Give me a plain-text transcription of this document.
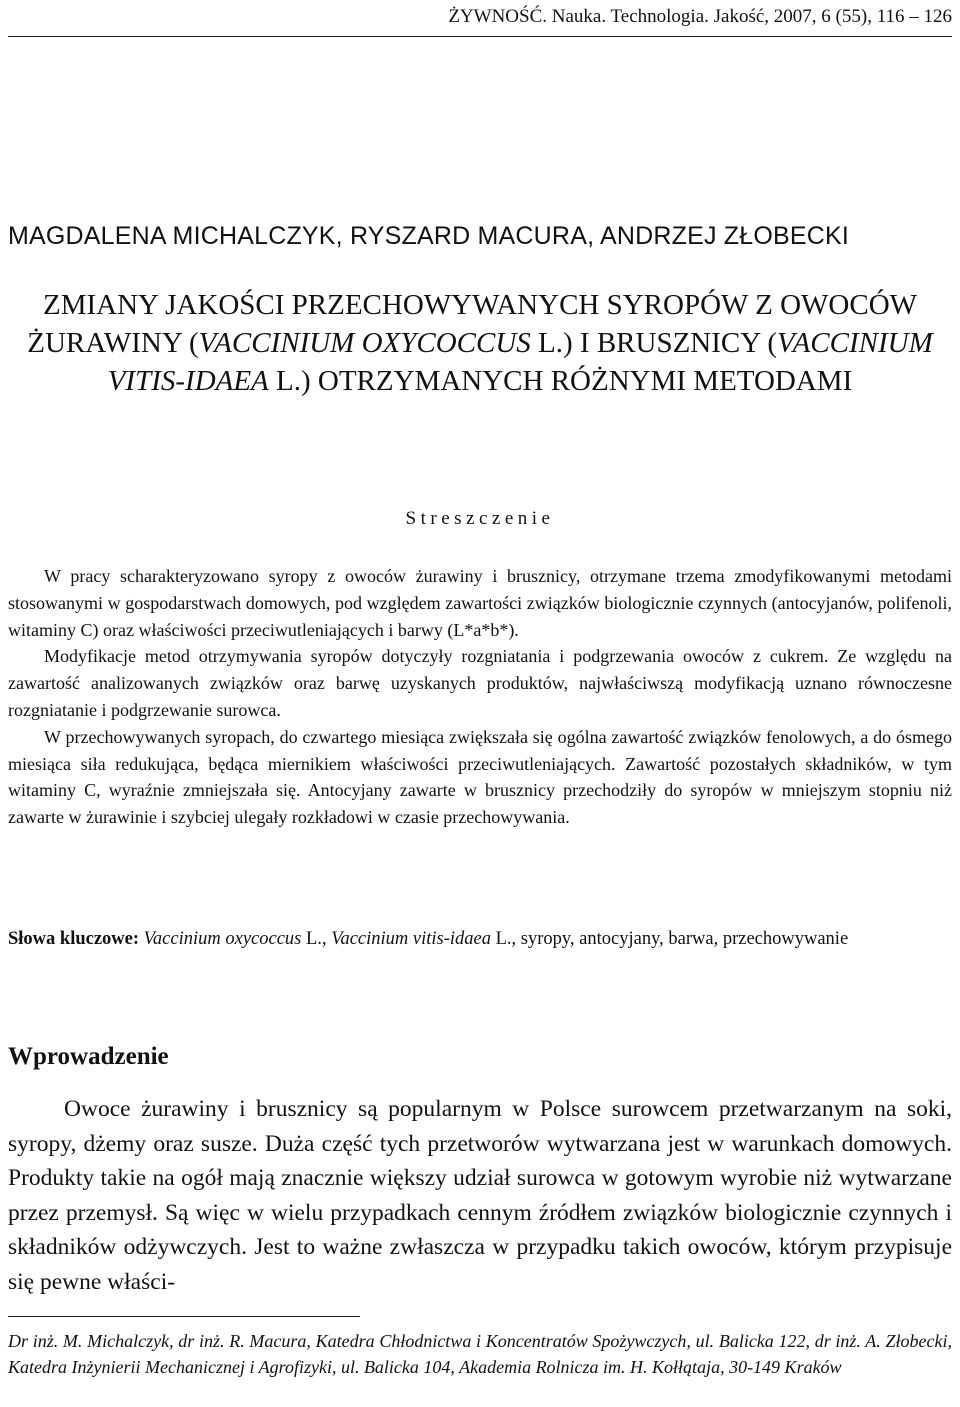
ŻYWNOŚĆ. Nauka. Technologia. Jakość, 2007, 6 (55), 116 – 126
MAGDALENA MICHALCZYK, RYSZARD MACURA, ANDRZEJ ZŁOBECKI
ZMIANY JAKOŚCI PRZECHOWYWANYCH SYROPÓW Z OWOCÓW ŻURAWINY (VACCINIUM OXYCOCCUS L.) I BRUSZNICY (VACCINIUM VITIS-IDAEA L.) OTRZYMANYCH RÓŻNYMI METODAMI
Streszczenie

W pracy scharakteryzowano syropy z owoców żurawiny i brusznicy, otrzymane trzema zmodyfikowanymi metodami stosowanymi w gospodarstwach domowych, pod względem zawartości związków biologicznie czynnych (antocyjanów, polifenoli, witaminy C) oraz właściwości przeciwutleniających i barwy (L*a*b*).

Modyfikacje metod otrzymywania syropów dotyczyły rozgniatania i podgrzewania owoców z cukrem. Ze względu na zawartość analizowanych związków oraz barwę uzyskanych produktów, najwłaściwszą modyfikacją uznano równoczesne rozgniatanie i podgrzewanie surowca.

W przechowywanych syropach, do czwartego miesiąca zwiększała się ogólna zawartość związków fenolowych, a do ósmego miesiąca siła redukująca, będąca miernikiem właściwości przeciwutleniających. Zawartość pozostałych składników, w tym witaminy C, wyraźnie zmniejszała się. Antocyjany zawarte w brusznicy przechodziły do syropów w mniejszym stopniu niż zawarte w żurawinie i szybciej ulegały rozkładowi w czasie przechowywania.

Słowa kluczowe: Vaccinium oxycoccus L., Vaccinium vitis-idaea L., syropy, antocyjany, barwa, przechowywanie
Wprowadzenie

Owoce żurawiny i brusznicy są popularnym w Polsce surowcem przetwarzanym na soki, syropy, dżemy oraz susze. Duża część tych przetworów wytwarzana jest w warunkach domowych. Produkty takie na ogół mają znacznie większy udział surowca w gotowym wyrobie niż wytwarzane przez przemysł. Są więc w wielu przypadkach cennym źródłem związków biologicznie czynnych i składników odżywczych. Jest to ważne zwłaszcza w przypadku takich owoców, którym przypisuje się pewne właści-

Dr inż. M. Michalczyk, dr inż. R. Macura, Katedra Chłodnictwa i Koncentratów Spożywczych, ul. Balicka 122, dr inż. A. Złobecki, Katedra Inżynierii Mechanicznej i Agrofizyki, ul. Balicka 104, Akademia Rolnicza im. H. Kołłątaja, 30-149 Kraków
